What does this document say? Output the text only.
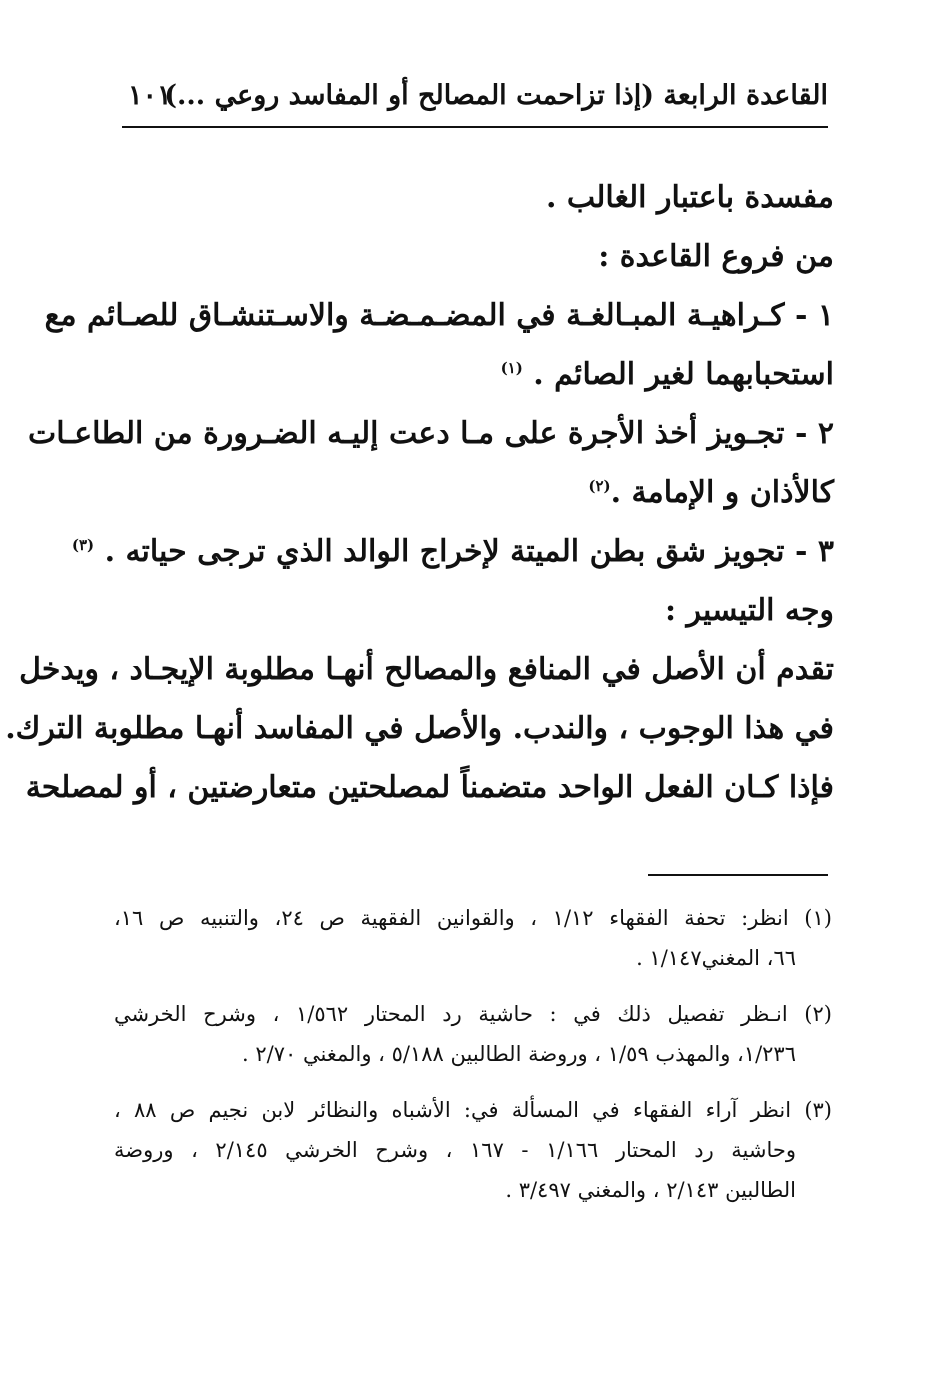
القاعدة الرابعة (إذا تزاحمت المصالح أو المفاسد روعي ...)
١٠١
مفسدة باعتبار الغالب .
من فروع القاعدة :
١ - كـراهيـة المبـالغـة في المضـمـضـة والاسـتنشـاق للصـائم مع
استحبابهما لغير الصائم . $^{(١)}$
٢ - تجـويز أخذ الأجرة على مـا دعت إليـه الضـرورة من الطاعـات
كالأذان و الإمامة .$^{(٢)}$
٣ - تجويز شق بطن الميتة لإخراج الوالد الذي ترجى حياته . $^{(٣)}$
وجه التيسير :
تقدم أن الأصل في المنافع والمصالح أنهـا مطلوبة الإيجـاد ، ويدخل
في هذا الوجوب ، والندب. والأصل في المفاسد أنهـا مطلوبة الترك.
فإذا كـان الفعل الواحد متضمناً لمصلحتين متعارضتين ، أو لمصلحة
(١) انظر: تحفة الفقهاء ١/١٢ ، والقوانين الفقهية ص ٢٤، والتنبيه ص ١٦،
٦٦، المغني١/١٤٧ .
(٢) انـظر تفصيل ذلك في : حاشية رد المحتار ١/٥٦٢ ، وشرح الخرشي
١/٢٣٦، والمهذب ١/٥٩ ، وروضة الطالبين ٥/١٨٨ ، والمغني ٢/٧٠ .
(٣) انظر آراء الفقهاء في المسألة في: الأشباه والنظائر لابن نجيم ص ٨٨ ،
وحاشية رد المحتار ١/١٦٦ - ١٦٧ ، وشرح الخرشي ٢/١٤٥ ، وروضة
الطالبين ٢/١٤٣ ، والمغني ٣/٤٩٧ .
